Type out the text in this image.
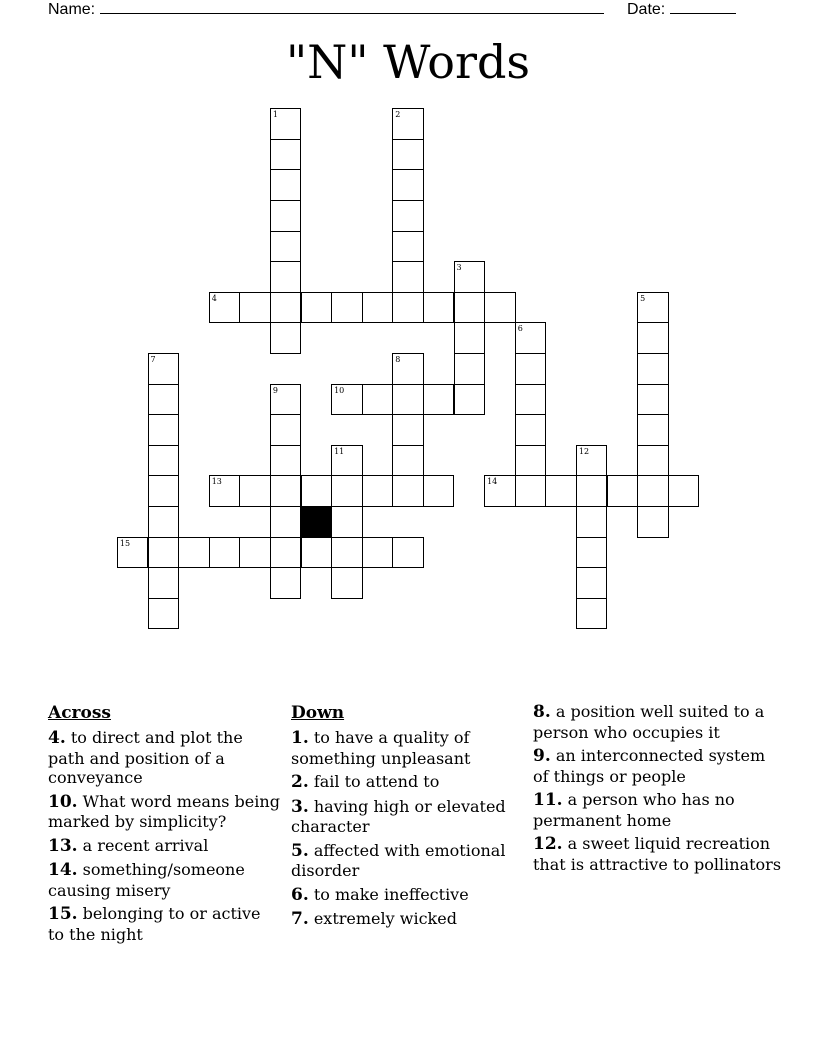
Name:	Date:
"N" Words
1	2
3
4	5
6
7	8
9	10
11	12
13	14
15
Across
4. to direct and plot the path and position of a conveyance
10. What word means being marked by simplicity?
13. a recent arrival
14. something/someone causing misery
15. belonging to or active to the night
Down
1. to have a quality of something unpleasant
2. fail to attend to
3. having high or elevated character
5. affected with emotional disorder
6. to make ineffective
7. extremely wicked
8. a position well suited to a person who occupies it
9. an interconnected system of things or people
11. a person who has no permanent home
12. a sweet liquid recreation that is attractive to pollinators
